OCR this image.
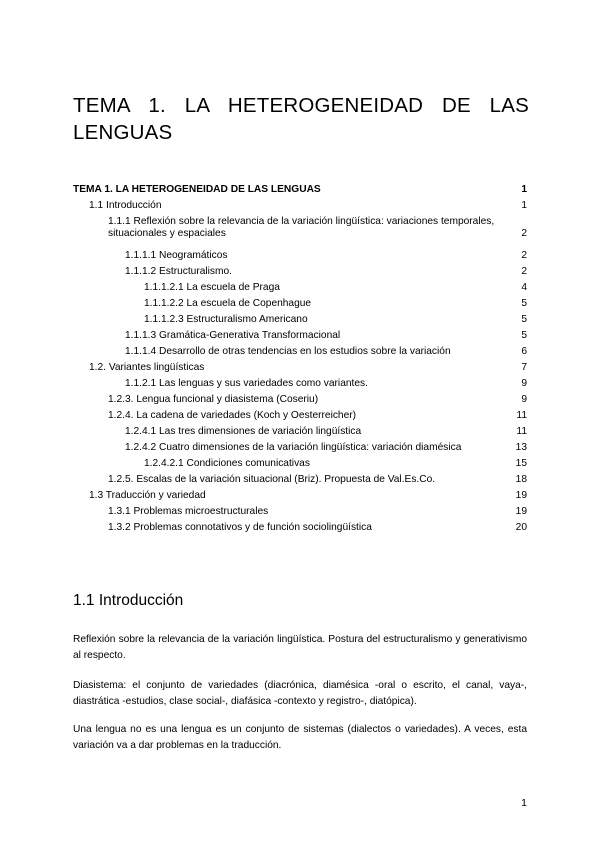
TEMA 1. LA HETEROGENEIDAD DE LAS LENGUAS
TEMA 1. LA HETEROGENEIDAD DE LAS LENGUAS	1
1.1 Introducción	1
1.1.1 Reflexión sobre la relevancia de la variación lingüística: variaciones temporales, situacionales y espaciales	2
1.1.1.1 Neogramáticos	2
1.1.1.2 Estructuralismo.	2
1.1.1.2.1 La escuela de Praga	4
1.1.1.2.2 La escuela de Copenhague	5
1.1.1.2.3 Estructuralismo Americano	5
1.1.1.3 Gramática-Generativa Transformacional	5
1.1.1.4 Desarrollo de otras tendencias en los estudios sobre la variación	6
1.2. Variantes lingüísticas	7
1.1.2.1 Las lenguas y sus variedades como variantes.	9
1.2.3. Lengua funcional y diasistema (Coseriu)	9
1.2.4. La cadena de variedades (Koch y Oesterreicher)	11
1.2.4.1 Las tres dimensiones de variación lingüística	11
1.2.4.2 Cuatro dimensiones de la variación lingüística: variación diamésica	13
1.2.4.2.1 Condiciones comunicativas	15
1.2.5. Escalas de la variación situacional (Briz). Propuesta de Val.Es.Co.	18
1.3 Traducción y variedad	19
1.3.1 Problemas microestructurales	19
1.3.2 Problemas connotativos y de función sociolingüística	20
1.1 Introducción
Reflexión sobre la relevancia de la variación lingüística. Postura del estructuralismo y generativismo al respecto.
Diasistema: el conjunto de variedades (diacrónica, diamésica -oral o escrito, el canal, vaya-, diastrática -estudios, clase social-, diafásica -contexto y registro-, diatópica).
Una lengua no es una lengua es un conjunto de sistemas (dialectos o variedades). A veces, esta variación va a dar problemas en la traducción.
1
